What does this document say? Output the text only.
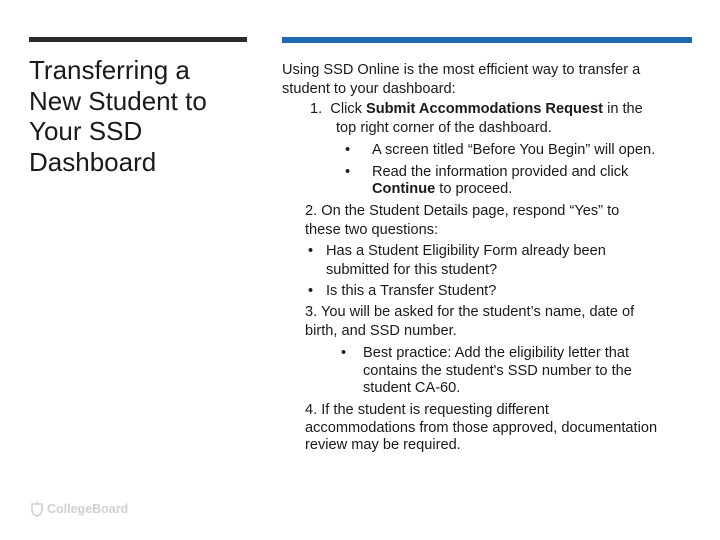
Transferring a
New Student to
Your SSD
Dashboard
Using SSD Online is the most efficient way to transfer a
student to your dashboard:
1. Click Submit Accommodations Request in the
top right corner of the dashboard.
• A screen titled “Before You Begin” will open.
• Read the information provided and click
Continue to proceed.
2. On the Student Details page, respond “Yes” to
these two questions:
• Has a Student Eligibility Form already been
submitted for this student?
• Is this a Transfer Student?
3. You will be asked for the student’s name, date of
birth, and SSD number.
• Best practice: Add the eligibility letter that
contains the student's SSD number to the
student CA-60.
4. If the student is requesting different
accommodations from those approved, documentation
review may be required.
CollegeBoard
